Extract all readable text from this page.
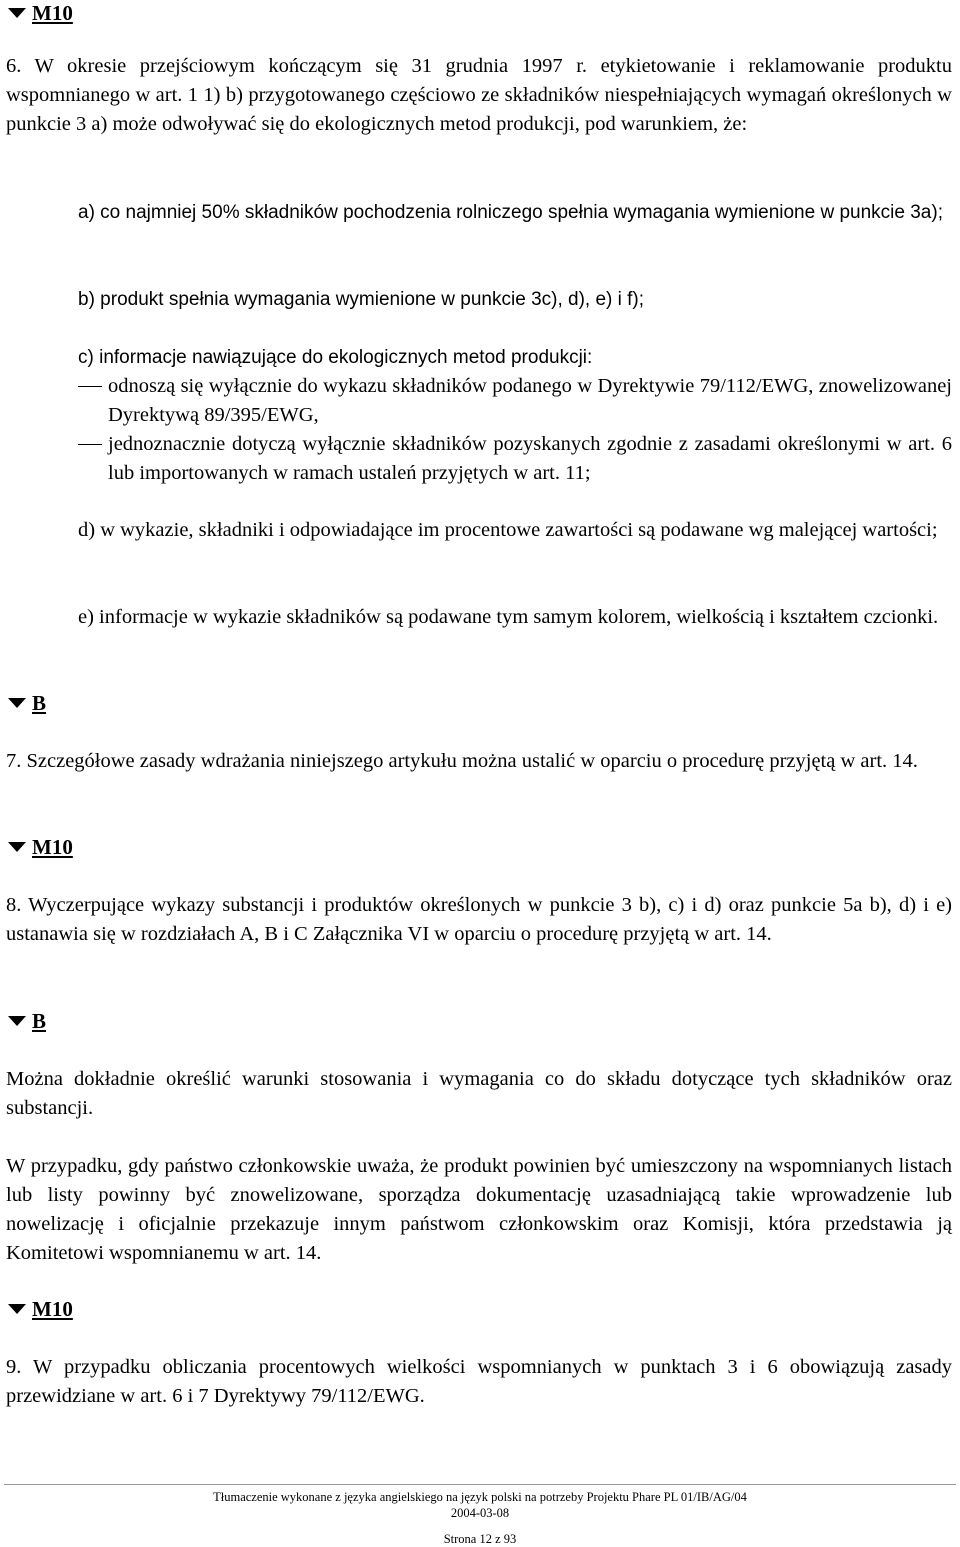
M10

6. W okresie przejściowym kończącym się 31 grudnia 1997 r. etykietowanie i reklamowanie produktu wspomnianego w art. 1 1) b) przygotowanego częściowo ze składników niespełniających wymagań określonych w punkcie 3 a) może odwoływać się do ekologicznych metod produkcji, pod warunkiem, że:

a) co najmniej 50% składników pochodzenia rolniczego spełnia wymagania wymienione w punkcie 3a);

b) produkt spełnia wymagania wymienione w punkcie 3c), d), e) i f);

c) informacje nawiązujące do ekologicznych metod produkcji:

odnoszą się wyłącznie do wykazu składników podanego w Dyrektywie 79/112/EWG, znowelizowanej Dyrektywą 89/395/EWG,
jednoznacznie dotyczą wyłącznie składników pozyskanych zgodnie z zasadami określonymi w art. 6 lub importowanych w ramach ustaleń przyjętych w art. 11;

d) w wykazie, składniki i odpowiadające im procentowe zawartości są podawane wg malejącej wartości;

e) informacje w wykazie składników są podawane tym samym kolorem, wielkością i kształtem czcionki.

B

7. Szczegółowe zasady wdrażania niniejszego artykułu można ustalić w oparciu o procedurę przyjętą w art. 14.

M10

8. Wyczerpujące wykazy substancji i produktów określonych w punkcie 3 b), c) i d) oraz punkcie 5a b), d) i e) ustanawia się w rozdziałach A, B i C Załącznika VI w oparciu o procedurę przyjętą w art. 14.

B

Można dokładnie określić warunki stosowania i wymagania co do składu dotyczące tych składników oraz substancji.

W przypadku, gdy państwo członkowskie uważa, że produkt powinien być umieszczony na wspomnianych listach lub listy powinny być znowelizowane, sporządza dokumentację uzasadniającą takie wprowadzenie lub nowelizację i oficjalnie przekazuje innym państwom członkowskim oraz Komisji, która przedstawia ją Komitetowi wspomnianemu w art. 14.

M10

9. W przypadku obliczania procentowych wielkości wspomnianych w punktach 3 i 6 obowiązują zasady przewidziane w art. 6 i 7 Dyrektywy 79/112/EWG.

Tłumaczenie wykonane z języka angielskiego na język polski na potrzeby Projektu Phare PL 01/IB/AG/04
2004-03-08
Strona 12 z 93
